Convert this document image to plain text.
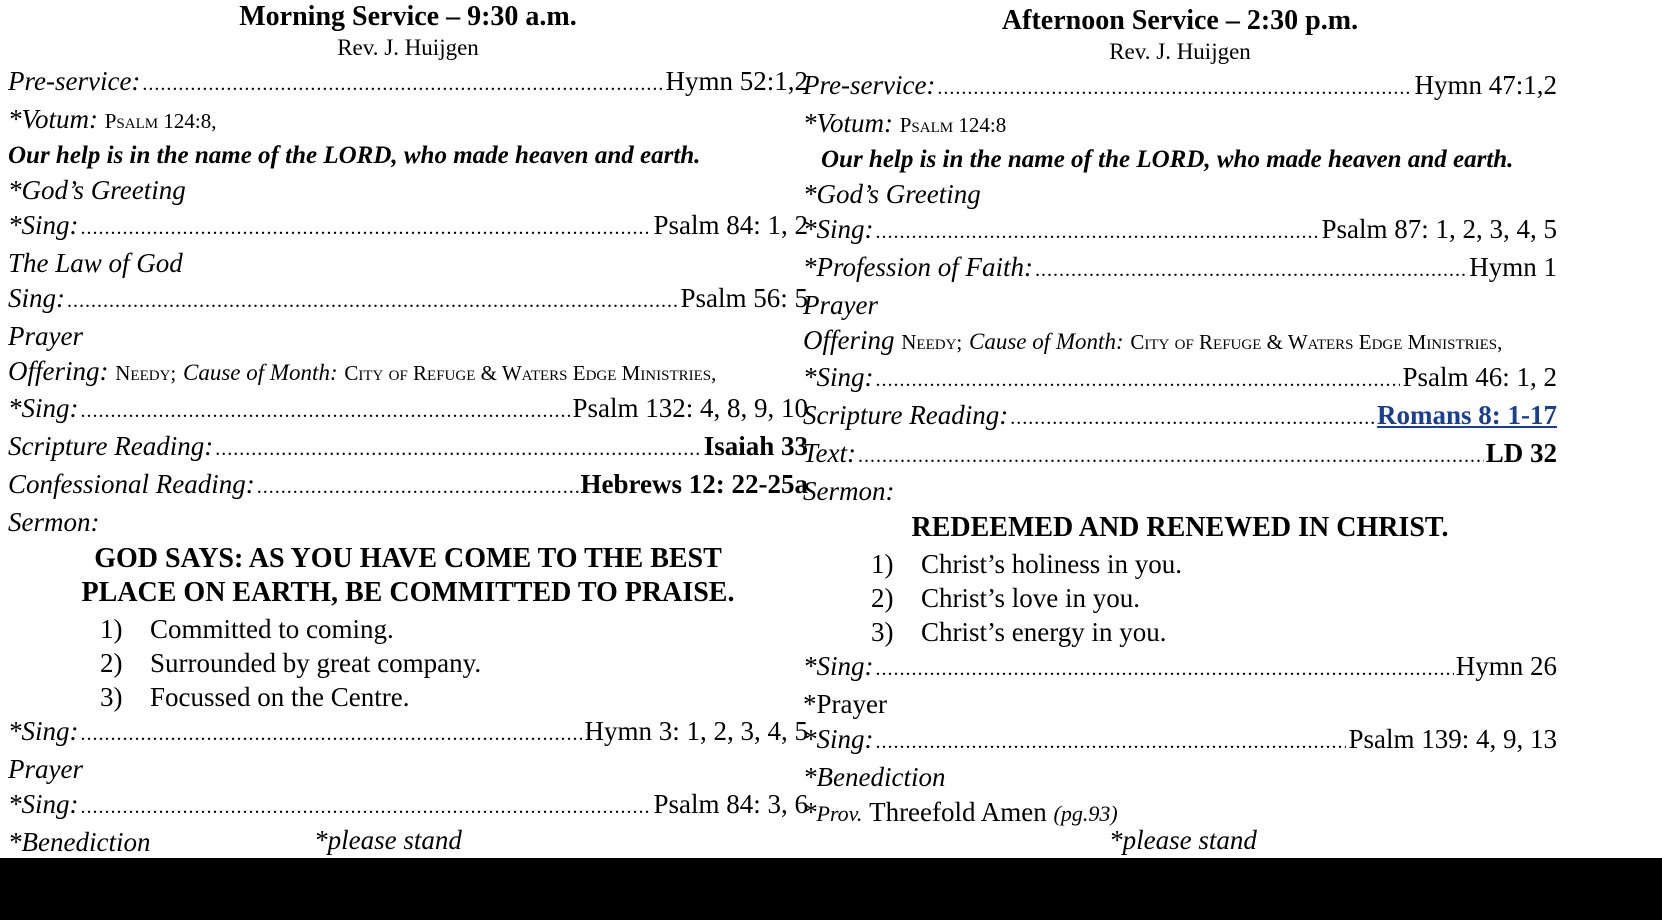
Morning Service – 9:30 a.m.
Rev. J. Huijgen
Pre-service: .....	Hymn 52:1,2
*Votum:
Psalm 124:8,
Our help is in the name of the LORD, who made heaven and earth.
*God’s Greeting
*Sing: .....	Psalm 84: 1, 2
The Law of God
Sing: .....	Psalm 56: 5
Prayer
Offering:
Needy;
Cause of Month:
City of Refuge & Waters Edge Ministries,
*Sing: .....	Psalm 132: 4, 8, 9, 10
Scripture Reading: .....	Isaiah 33
Confessional Reading: .....	Hebrews 12: 22-25a
Sermon:
GOD SAYS: AS YOU HAVE COME TO THE BEST
PLACE ON EARTH, BE COMMITTED TO PRAISE.
1)	Committed to coming.
2)	Surrounded by great company.
3)	Focussed on the Centre.
*Sing: .....	Hymn 3: 1, 2, 3, 4, 5
Prayer
*Sing: .....	Psalm 84: 3, 6
*Benediction

Afternoon Service – 2:30 p.m.
Rev. J. Huijgen
Pre-service: .....	Hymn 47:1,2
*Votum:
Psalm 124:8
Our help is in the name of the LORD, who made heaven and earth.
*God’s Greeting
*Sing: .....	Psalm 87: 1, 2, 3, 4, 5
*Profession of Faith: .....	Hymn 1
Prayer
Offering
Needy;
Cause of Month:
City of Refuge & Waters Edge Ministries,
*Sing: .....	Psalm 46: 1, 2
Scripture Reading: .....	Romans 8: 1-17
Text: .....	LD 32
Sermon:
REDEEMED AND RENEWED IN CHRIST.
1)	Christ’s holiness in you.
2)	Christ’s love in you.
3)	Christ’s energy in you.
*Sing: .....	Hymn 26
*Prayer
*Sing: .....	Psalm 139: 4, 9, 13
*Benediction
* Prov.
Threefold Amen
(pg.93)
*please stand	*please stand
